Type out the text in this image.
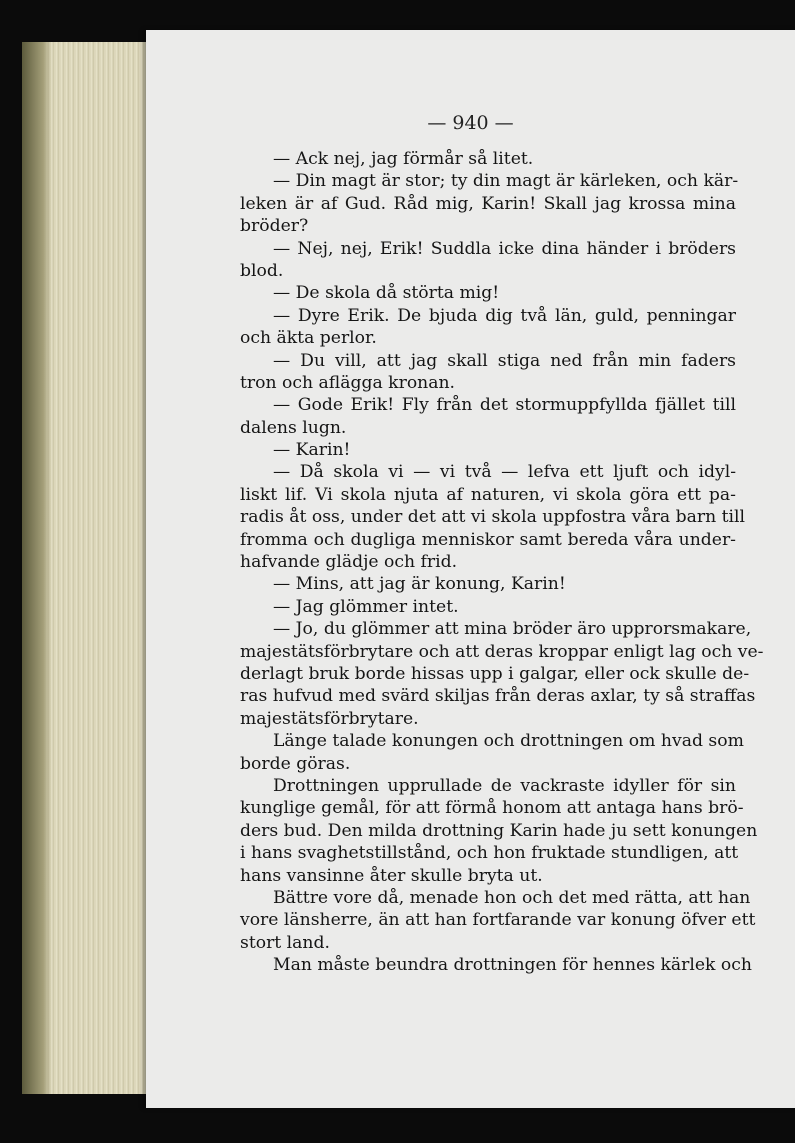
— 940 —
— Ack nej, jag förmår så litet.
— Din magt är stor; ty din magt är kärleken, och kär-
leken är af Gud. Råd mig, Karin! Skall jag krossa mina
bröder?
— Nej, nej, Erik! Suddla icke dina händer i bröders
blod.
— De skola då störta mig!
— Dyre Erik. De bjuda dig två län, guld, penningar
och äkta perlor.
— Du vill, att jag skall stiga ned från min faders
tron och aflägga kronan.
— Gode Erik! Fly från det stormuppfyllda fjället till
dalens lugn.
— Karin!
— Då skola vi — vi två — lefva ett ljuft och idyl-
liskt lif. Vi skola njuta af naturen, vi skola göra ett pa-
radis åt oss, under det att vi skola uppfostra våra barn till
fromma och dugliga menniskor samt bereda våra under-
hafvande glädje och frid.
— Mins, att jag är konung, Karin!
— Jag glömmer intet.
— Jo, du glömmer att mina bröder äro upprorsmakare,
majestätsförbrytare och att deras kroppar enligt lag och ve-
derlagt bruk borde hissas upp i galgar, eller ock skulle de-
ras hufvud med svärd skiljas från deras axlar, ty så straffas
majestätsförbrytare.
Länge talade konungen och drottningen om hvad som
borde göras.
Drottningen upprullade de vackraste idyller för sin
kunglige gemål, för att förmå honom att antaga hans brö-
ders bud. Den milda drottning Karin hade ju sett konungen
i hans svaghetstillstånd, och hon fruktade stundligen, att
hans vansinne åter skulle bryta ut.
Bättre vore då, menade hon och det med rätta, att han
vore länsherre, än att han fortfarande var konung öfver ett
stort land.
Man måste beundra drottningen för hennes kärlek och
